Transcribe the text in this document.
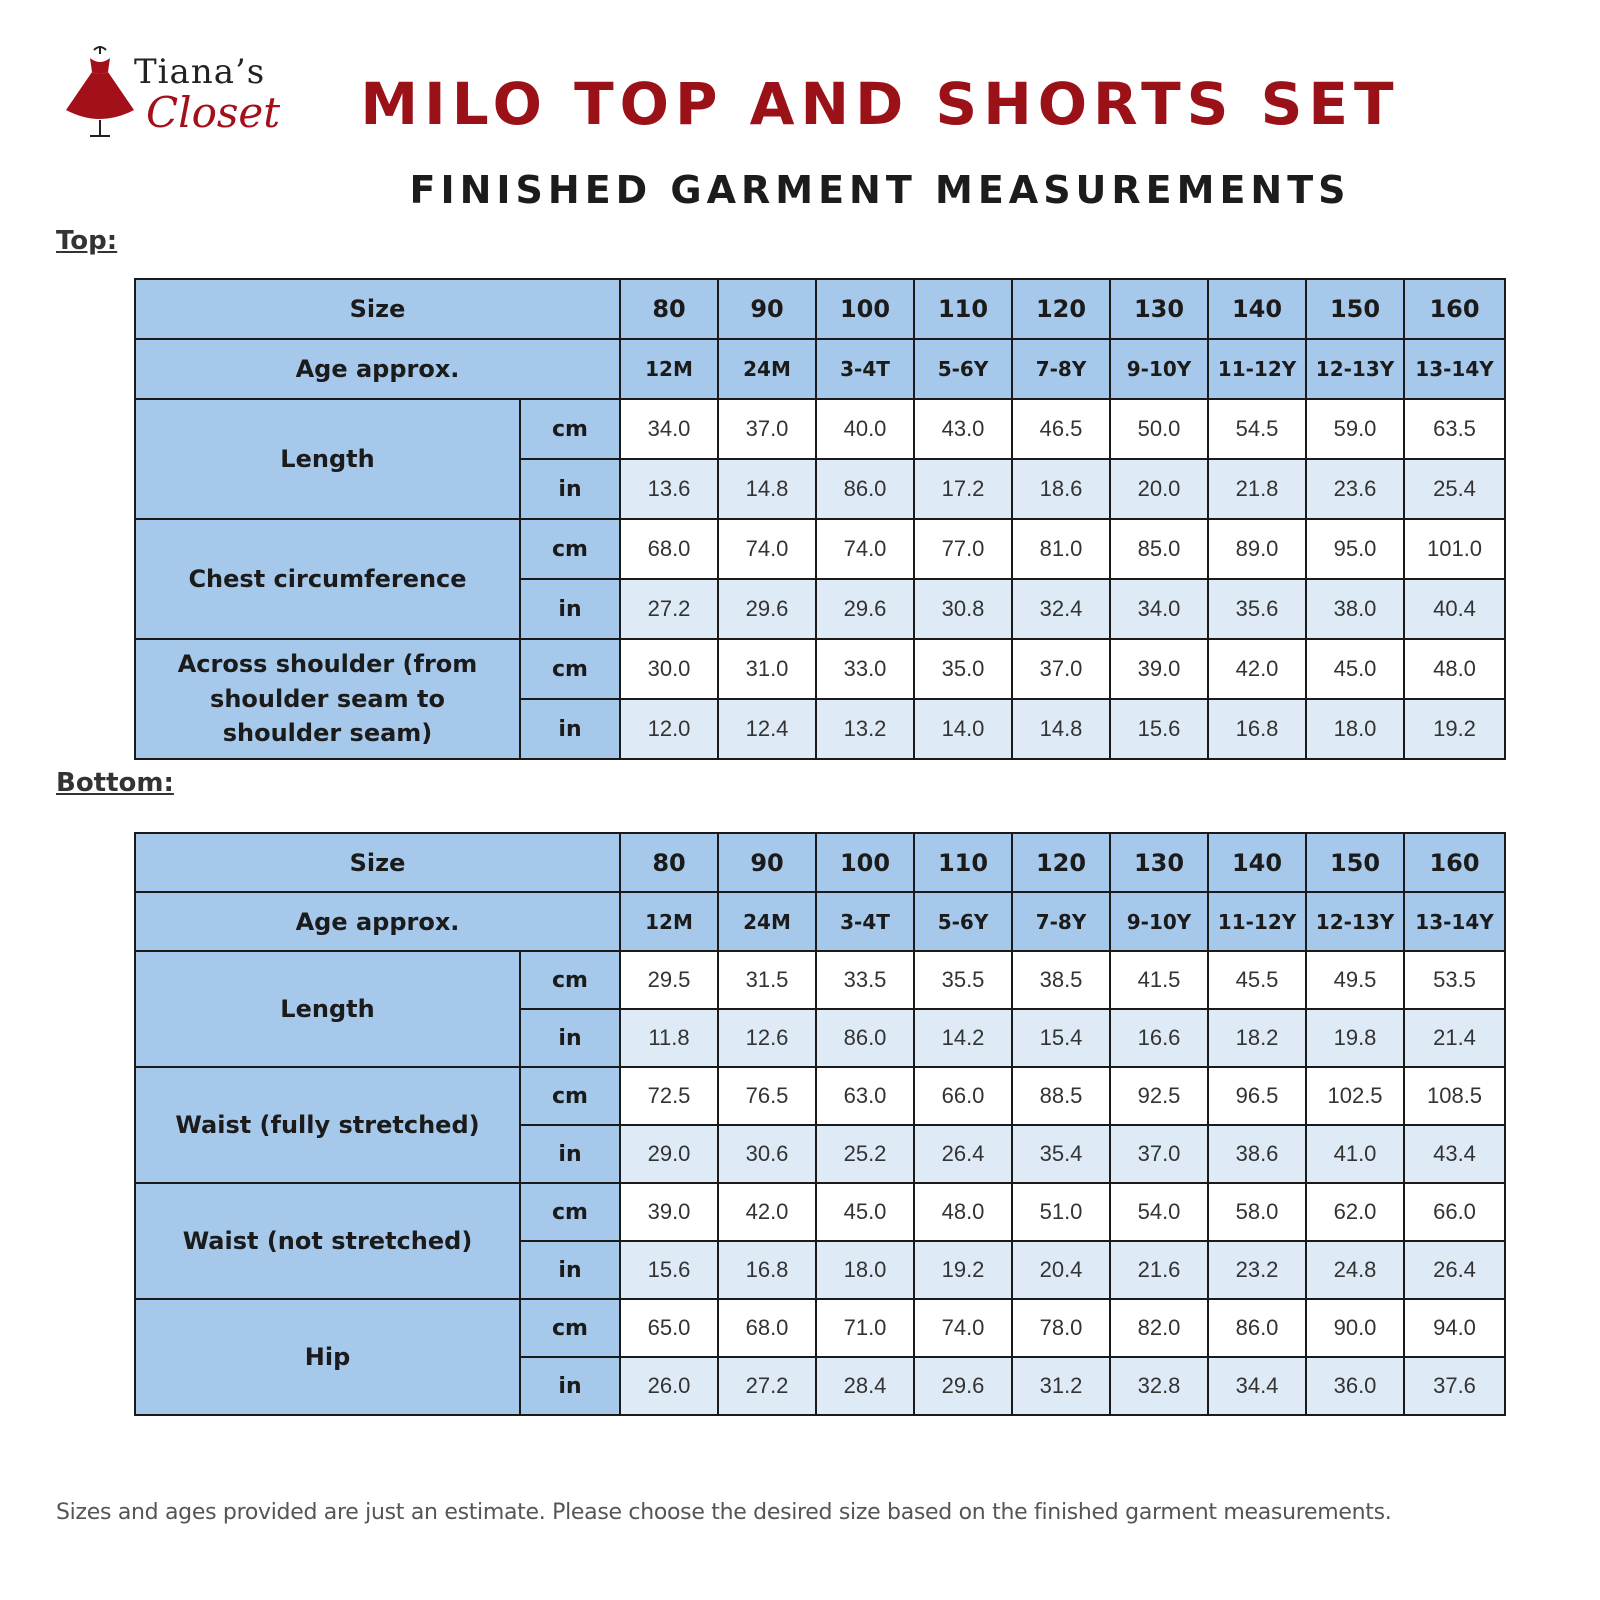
Tiana’s
Closet	MILO TOP AND SHORTS SET
FINISHED GARMENT MEASUREMENTS
Top:
Size		80	90	100	110	120	130	140	150	160
Age approx.		12M	24M	3-4T	5-6Y	7-8Y	9-10Y	11-12Y	12-13Y	13-14Y
Length	cm	34.0	37.0	40.0	43.0	46.5	50.0	54.5	59.0	63.5
	in	13.6	14.8	86.0	17.2	18.6	20.0	21.8	23.6	25.4
Chest circumference	cm	68.0	74.0	74.0	77.0	81.0	85.0	89.0	95.0	101.0
	in	27.2	29.6	29.6	30.8	32.4	34.0	35.6	38.0	40.4
Across shoulder (from shoulder seam to shoulder seam)	cm	30.0	31.0	33.0	35.0	37.0	39.0	42.0	45.0	48.0
	in	12.0	12.4	13.2	14.0	14.8	15.6	16.8	18.0	19.2
Bottom:
Size		80	90	100	110	120	130	140	150	160
Age approx.		12M	24M	3-4T	5-6Y	7-8Y	9-10Y	11-12Y	12-13Y	13-14Y
Length	cm	29.5	31.5	33.5	35.5	38.5	41.5	45.5	49.5	53.5
	in	11.8	12.6	86.0	14.2	15.4	16.6	18.2	19.8	21.4
Waist (fully stretched)	cm	72.5	76.5	63.0	66.0	88.5	92.5	96.5	102.5	108.5
	in	29.0	30.6	25.2	26.4	35.4	37.0	38.6	41.0	43.4
Waist (not stretched)	cm	39.0	42.0	45.0	48.0	51.0	54.0	58.0	62.0	66.0
	in	15.6	16.8	18.0	19.2	20.4	21.6	23.2	24.8	26.4
Hip	cm	65.0	68.0	71.0	74.0	78.0	82.0	86.0	90.0	94.0
	in	26.0	27.2	28.4	29.6	31.2	32.8	34.4	36.0	37.6
Sizes and ages provided are just an estimate. Please choose the desired size based on the finished garment measurements.
